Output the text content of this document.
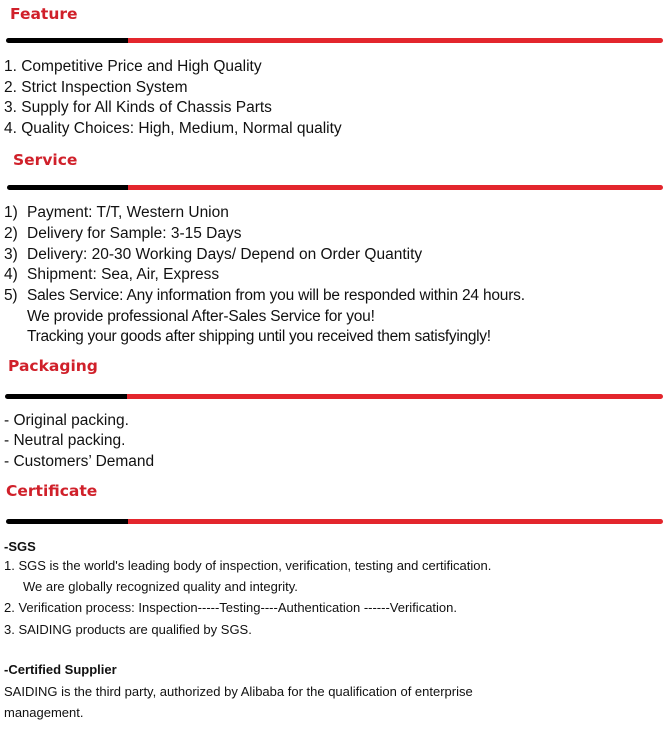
Feature
1. Competitive Price and High Quality
2. Strict Inspection System
3. Supply for All Kinds of Chassis Parts
4. Quality Choices: High, Medium, Normal quality
Service
1) Payment: T/T, Western Union
2) Delivery for Sample: 3-15 Days
3) Delivery: 20-30 Working Days/ Depend on Order Quantity
4) Shipment: Sea, Air, Express
5) Sales Service: Any information from you will be responded within 24 hours.
We provide professional After-Sales Service for you!
Tracking your goods after shipping until you received them satisfyingly!
Packaging
- Original packing.
- Neutral packing.
- Customers’ Demand
Certificate
-SGS
1. SGS is the world's leading body of inspection, verification, testing and certification.
We are globally recognized quality and integrity.
2. Verification process: Inspection-----Testing----Authentication ------Verification.
3. SAIDING products are qualified by SGS.
-Certified Supplier
SAIDING is the third party, authorized by Alibaba for the qualification of enterprise
management.
